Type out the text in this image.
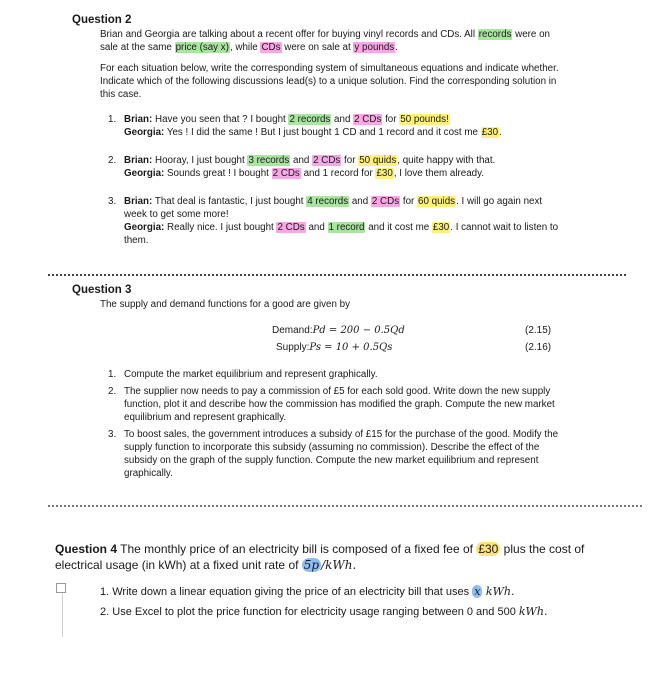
Question 2

Brian and Georgia are talking about a recent offer for buying vinyl records and CDs. All records were on sale at the same price (say x), while CDs were on sale at y pounds.

For each situation below, write the corresponding system of simultaneous equations and indicate whether. Indicate which of the following discussions lead(s) to a unique solution. Find the corresponding solution in this case.

1. Brian: Have you seen that ? I bought 2 records and 2 CDs for 50 pounds!

Georgia: Yes ! I did the same ! But I just bought 1 CD and 1 record and it cost me £30.

2. Brian: Hooray, I just bought 3 records and 2 CDs for 50 quids, quite happy with that.

Georgia: Sounds great ! I bought 2 CDs and 1 record for £30, I love them already.

3. Brian: That deal is fantastic, I just bought 4 records and 2 CDs for 60 quids. I will go again next week to get some more!

Georgia: Really nice. I just bought 2 CDs and 1 record and it cost me £30. I cannot wait to listen to them.

Question 3

The supply and demand functions for a good are given by

Demand:Pd = 200 − 0.5Qd	(2.15)
Supply:Ps = 10 + 0.5Qs	(2.16)
1. Compute the market equilibrium and represent graphically.

2. The supplier now needs to pay a commission of £5 for each sold good. Write down the new supply function, plot it and describe how the commission has modified the graph. Compute the new market equilibrium and represent graphically.

3. To boost sales, the government introduces a subsidy of £15 for the purchase of the good. Modify the supply function to incorporate this subsidy (assuming no commission). Describe the effect of the subsidy on the graph of the supply function. Compute the new market equilibrium and represent graphically.

Question 4 The monthly price of an electricity bill is composed of a fixed fee of £30 plus the cost of electrical usage (in kWh) at a fixed unit rate of 5p /kWh.

1. Write down a linear equation giving the price of an electricity bill that uses x kWh.

2. Use Excel to plot the price function for electricity usage ranging between 0 and 500 kWh.
